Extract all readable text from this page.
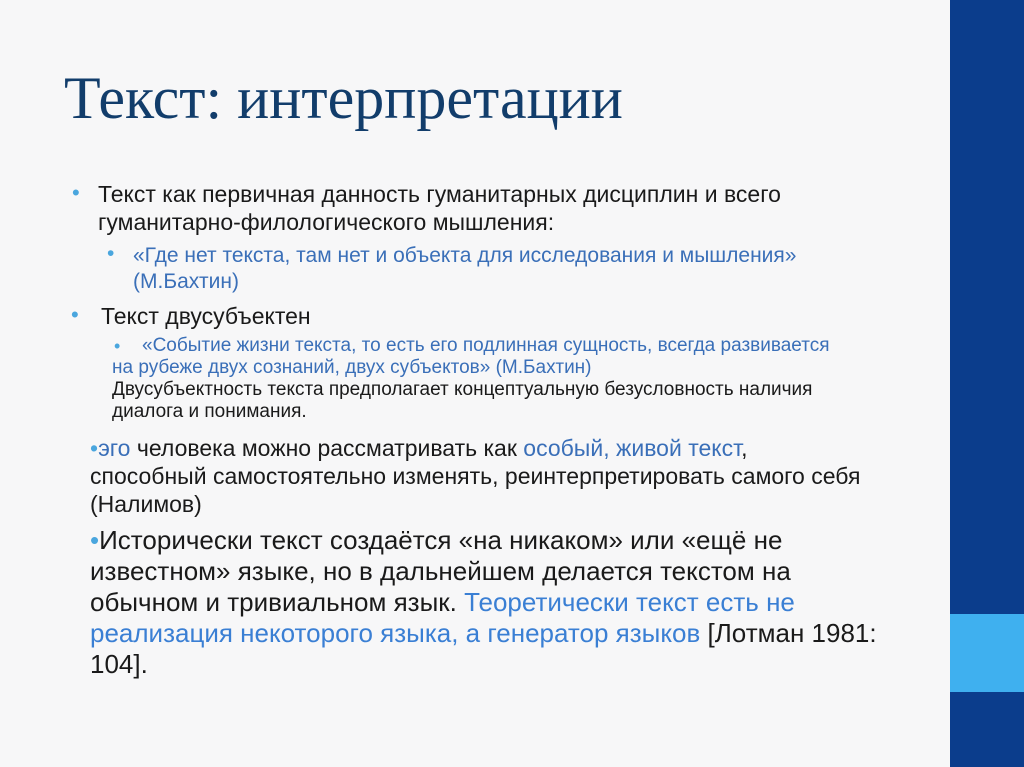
Текст: интерпретации

• Текст как первичная данность гуманитарных дисциплин и всего гуманитарно-филологического мышления:

• «Где нет текста, там нет и объекта для исследования и мышления» (М.Бахтин)

• Текст двусубъектен

• «Событие жизни текста, то есть его подлинная сущность, всегда развивается на рубеже двух сознаний, двух субъектов» (М.Бахтин)
Двусубъектность текста предполагает концептуальную безусловность наличия диалога и понимания.

•эго человека можно рассматривать как особый, живой текст, способный самостоятельно изменять, реинтерпретировать самого себя (Налимов)

•Исторически текст создаётся «на никаком» или «ещё не известном» языке, но в дальнейшем делается текстом на обычном и тривиальном язык. Теоретически текст есть не реализация некоторого языка, а генератор языков [Лотман 1981: 104].
